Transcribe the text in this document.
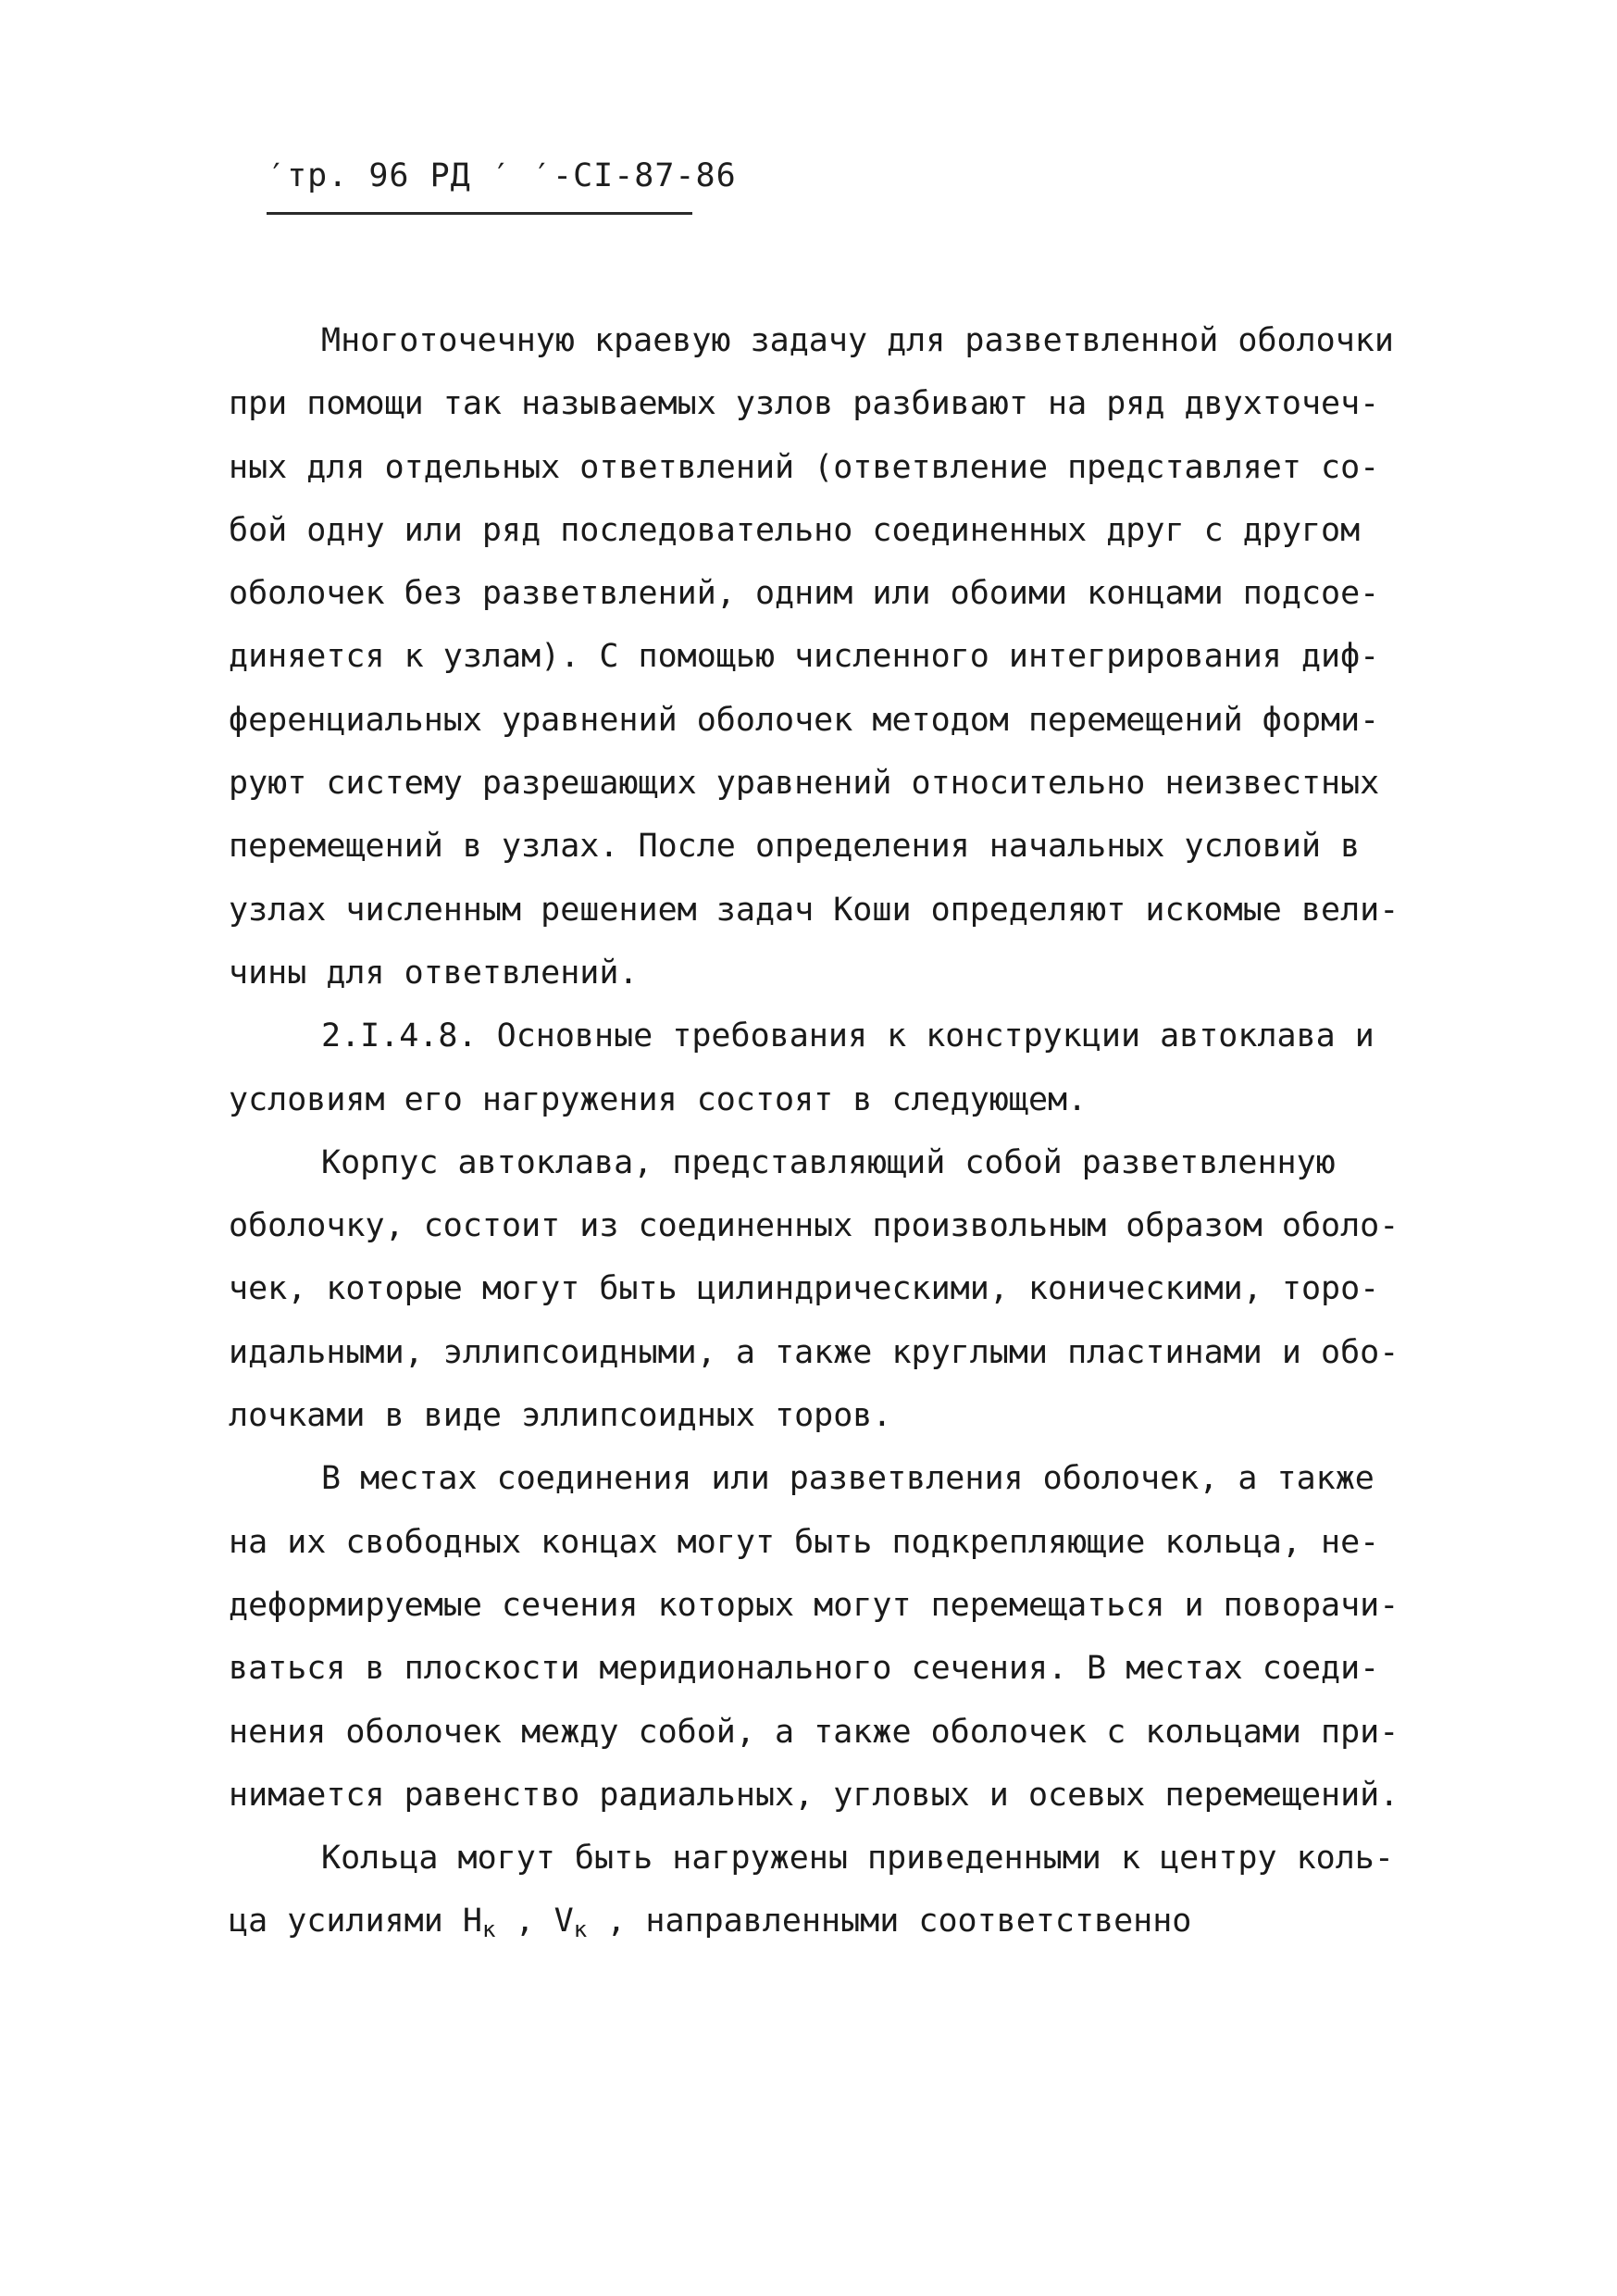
′тр. 96 РД ′ ′-СI-87-86
Многоточечную краевую задачу для разветвленной оболочки
при помощи так называемых узлов разбивают на ряд двухточеч-
ных для отдельных ответвлений (ответвление представляет со-
бой одну или ряд последовательно соединенных друг с другом
оболочек без разветвлений, одним или обоими концами подсое-
диняется к узлам). С помощью численного интегрирования диф-
ференциальных уравнений оболочек методом перемещений форми-
руют систему разрешающих уравнений относительно неизвестных
перемещений в узлах. После определения начальных условий в
узлах численным решением задач Коши определяют искомые вели-
чины для ответвлений.
2.I.4.8. Основные требования к конструкции автоклава и
условиям его нагружения состоят в следующем.
Корпус автоклава, представляющий собой разветвленную
оболочку, состоит из соединенных произвольным образом оболо-
чек, которые могут быть цилиндрическими, коническими, торо-
идальными, эллипсоидными, а также круглыми пластинами и обо-
лочками в виде эллипсоидных торов.
В местах соединения или разветвления оболочек, а также
на их свободных концах могут быть подкрепляющие кольца, не-
деформируемые сечения которых могут перемещаться и поворачи-
ваться в плоскости меридионального сечения. В местах соеди-
нения оболочек между собой, а также оболочек с кольцами при-
нимается равенство радиальных, угловых и осевых перемещений.
Кольца могут быть нагружены приведенными к центру коль-
ца усилиями $H_к$ , $V_к$ , направленными соответственно
